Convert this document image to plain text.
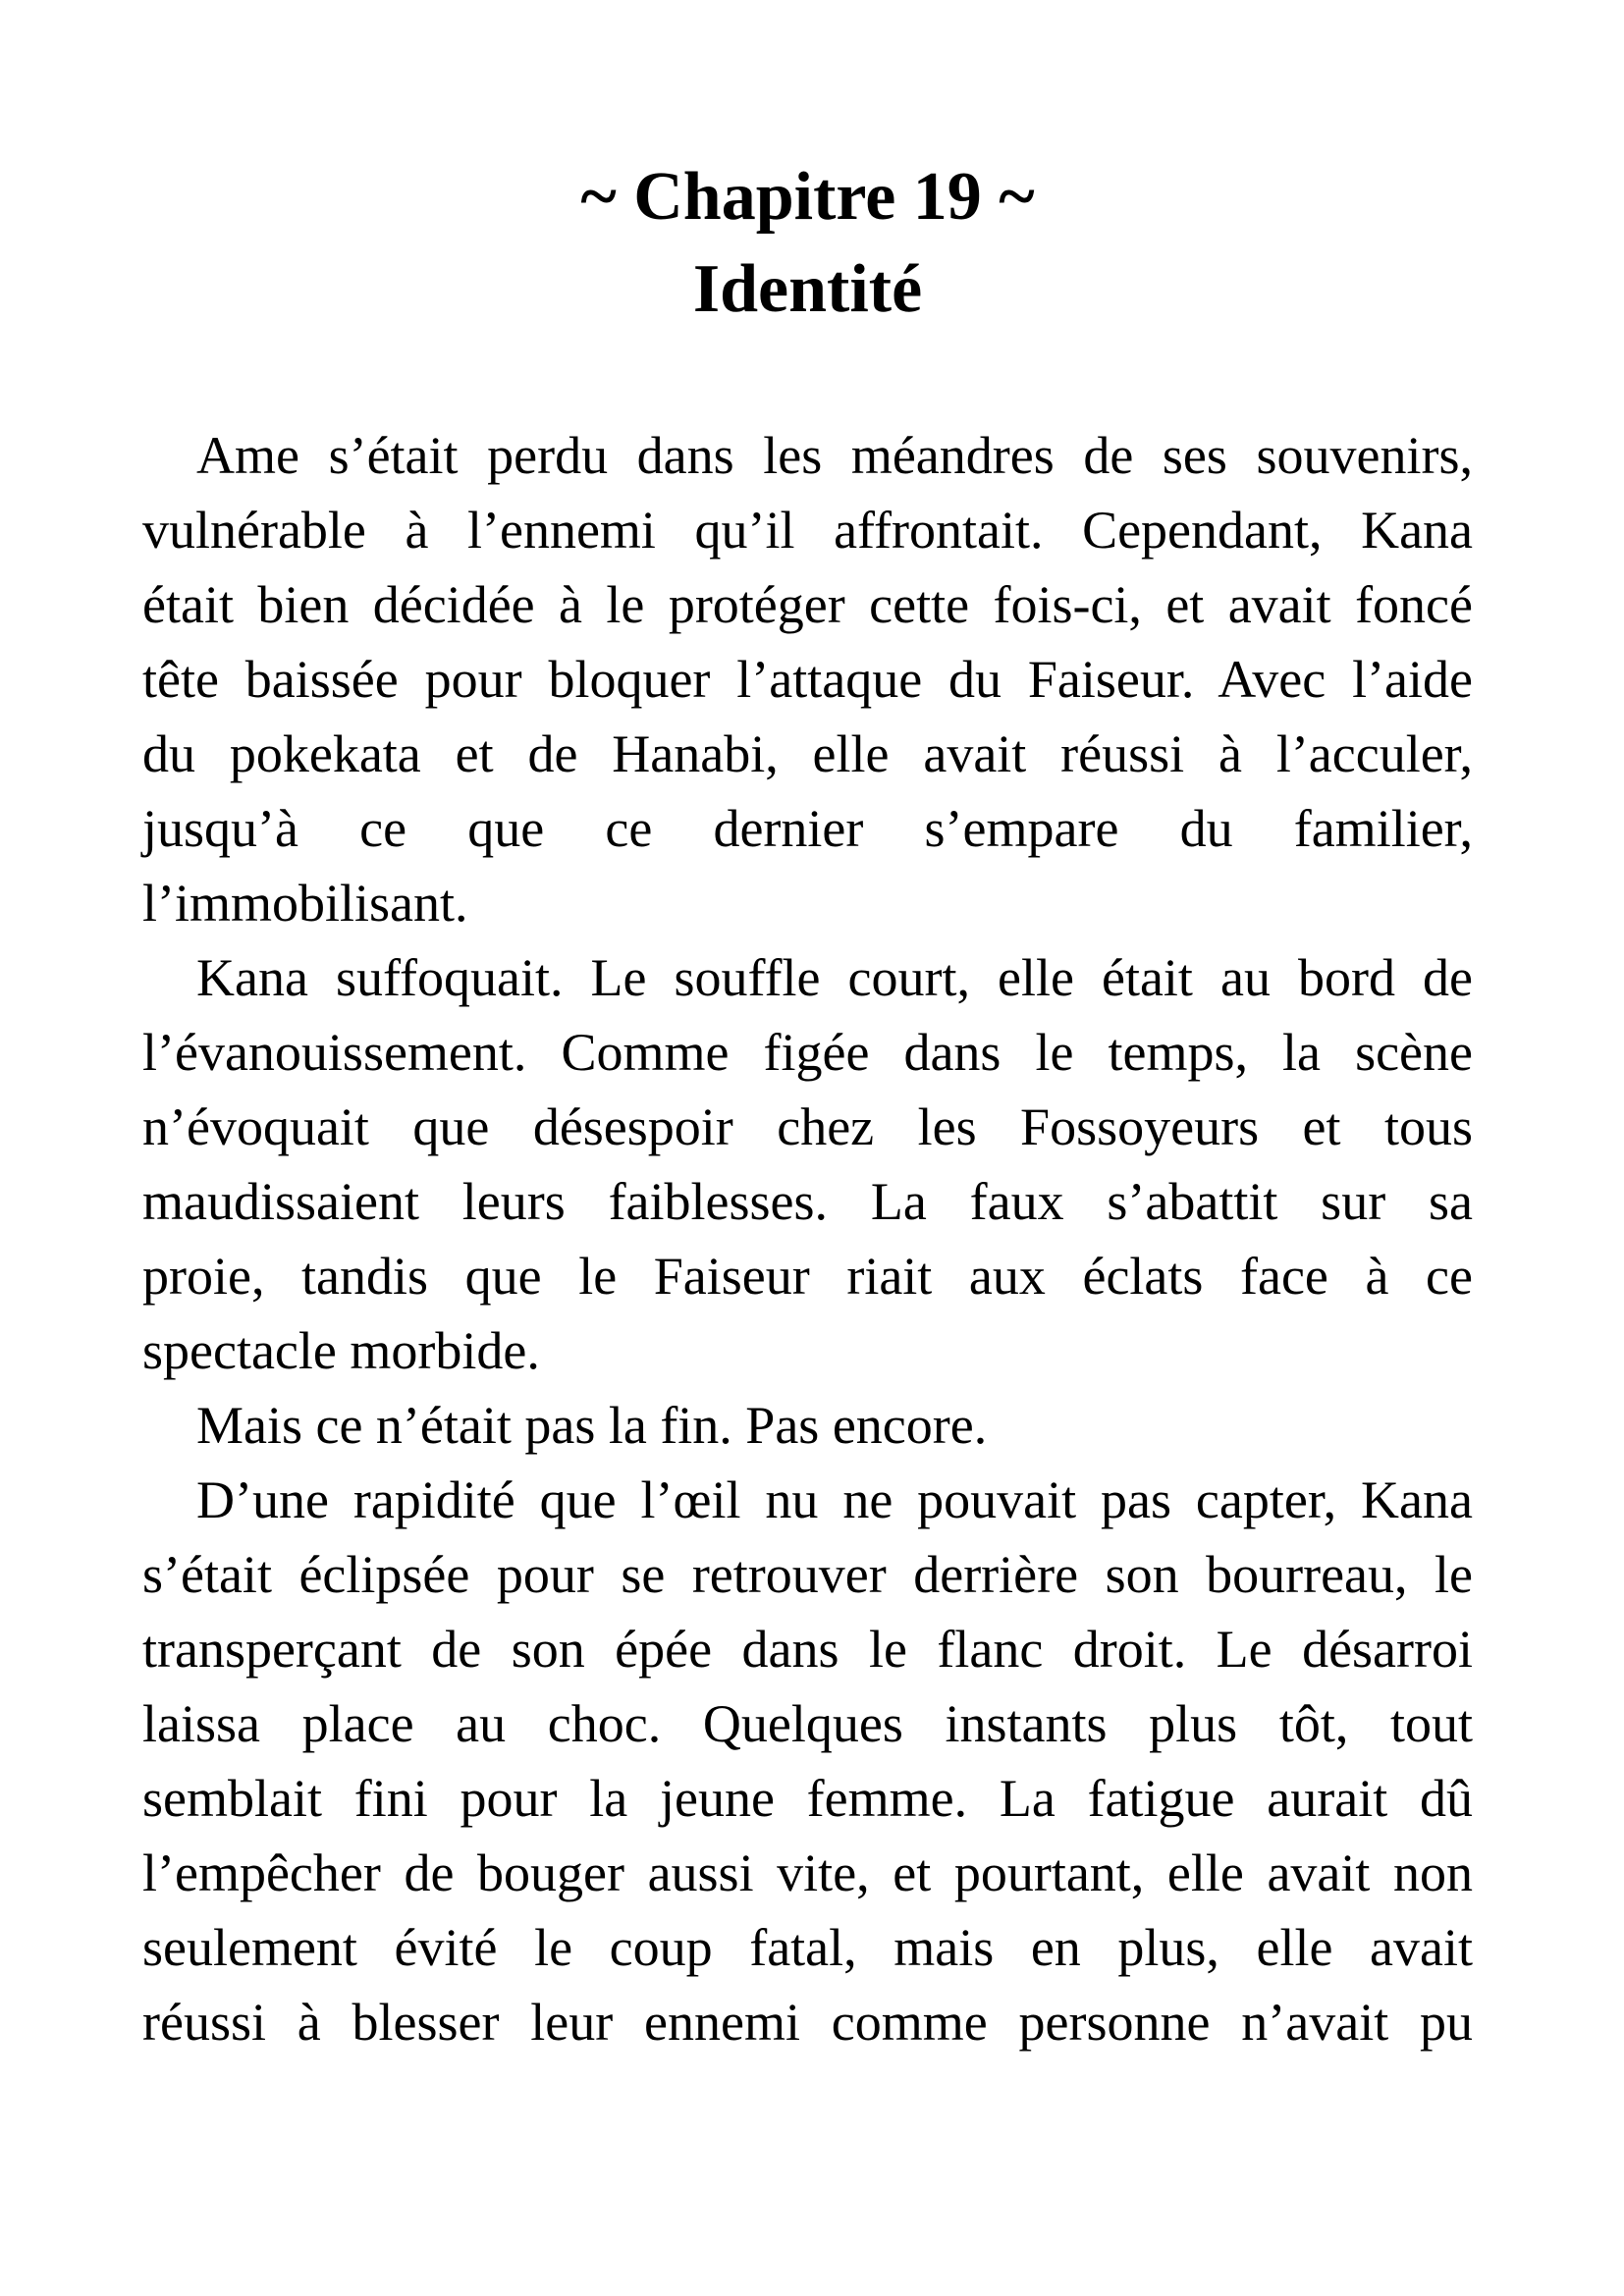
~ Chapitre 19 ~
Identité
Ame s’était perdu dans les méandres de ses souvenirs,
vulnérable à l’ennemi qu’il affrontait. Cependant, Kana
était bien décidée à le protéger cette fois-ci, et avait foncé
tête baissée pour bloquer l’attaque du Faiseur. Avec l’aide
du pokekata et de Hanabi, elle avait réussi à l’acculer,
jusqu’à ce que ce dernier s’empare du familier,
l’immobilisant.
Kana suffoquait. Le souffle court, elle était au bord de
l’évanouissement. Comme figée dans le temps, la scène
n’évoquait que désespoir chez les Fossoyeurs et tous
maudissaient leurs faiblesses. La faux s’abattit sur sa
proie, tandis que le Faiseur riait aux éclats face à ce
spectacle morbide.
Mais ce n’était pas la fin. Pas encore.
D’une rapidité que l’œil nu ne pouvait pas capter, Kana
s’était éclipsée pour se retrouver derrière son bourreau, le
transperçant de son épée dans le flanc droit. Le désarroi
laissa place au choc. Quelques instants plus tôt, tout
semblait fini pour la jeune femme. La fatigue aurait dû
l’empêcher de bouger aussi vite, et pourtant, elle avait non
seulement évité le coup fatal, mais en plus, elle avait
réussi à blesser leur ennemi comme personne n’avait pu
